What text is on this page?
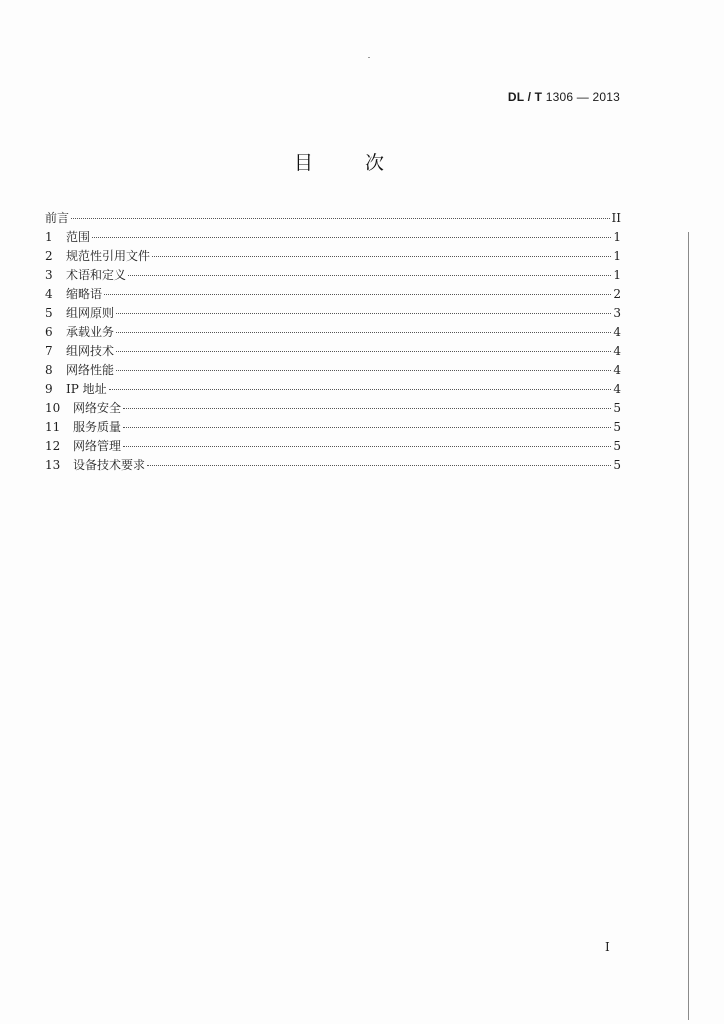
DL / T 1306 — 2013
目	次
前言	II
1	范围	1
2	规范性引用文件	1
3	术语和定义	1
4	缩略语	2
5	组网原则	3
6	承载业务	4
7	组网技术	4
8	网络性能	4
9	IP 地址	4
10	网络安全	5
11	服务质量	5
12	网络管理	5
13	设备技术要求	5
I
